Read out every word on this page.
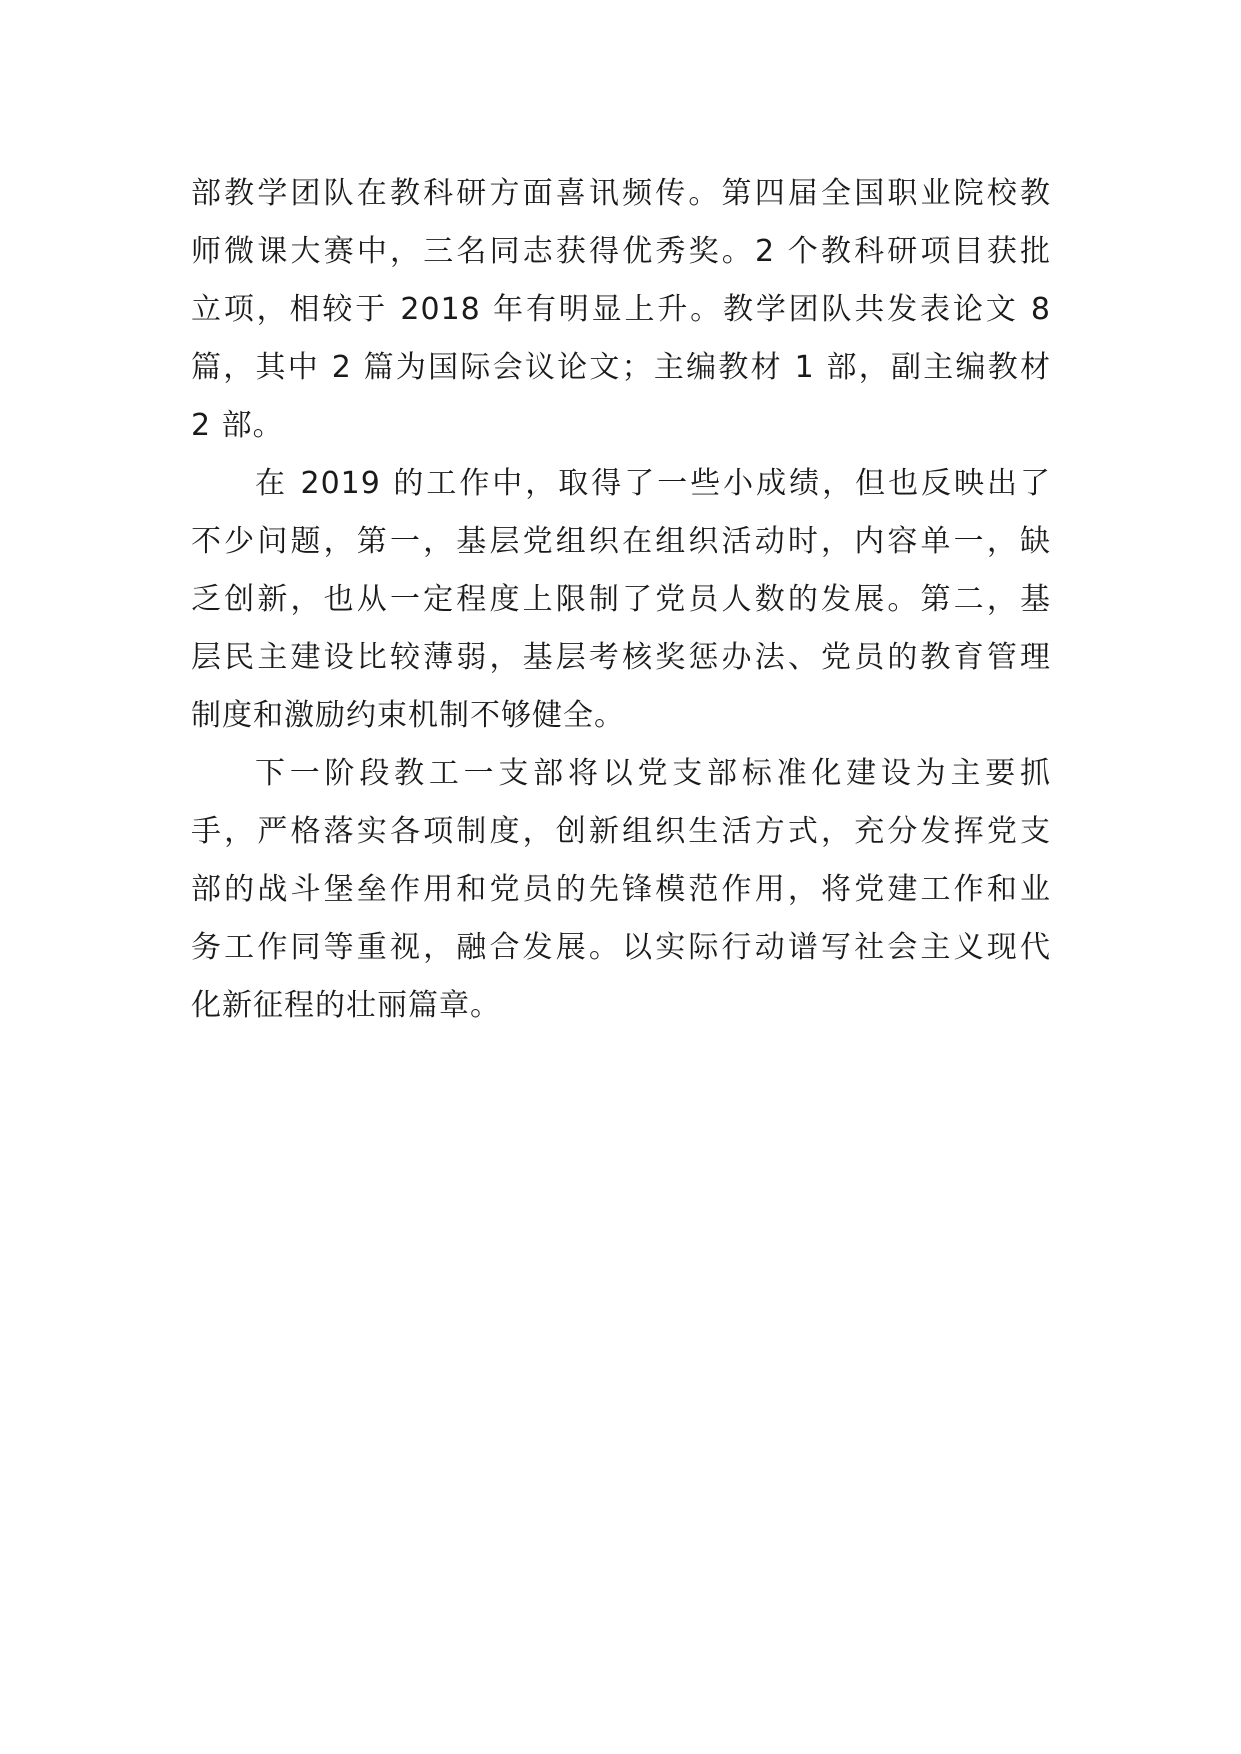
部教学团队在教科研方面喜讯频传。第四届全国职业院校教
师微课大赛中，三名同志获得优秀奖。2 个教科研项目获批
立项，相较于 2018 年有明显上升。教学团队共发表论文 8
篇，其中 2 篇为国际会议论文；主编教材 1 部，副主编教材
2 部。
在 2019 的工作中，取得了一些小成绩，但也反映出了
不少问题，第一，基层党组织在组织活动时，内容单一，缺
乏创新，也从一定程度上限制了党员人数的发展。第二，基
层民主建设比较薄弱，基层考核奖惩办法、党员的教育管理
制度和激励约束机制不够健全。
下一阶段教工一支部将以党支部标准化建设为主要抓
手，严格落实各项制度，创新组织生活方式，充分发挥党支
部的战斗堡垒作用和党员的先锋模范作用，将党建工作和业
务工作同等重视，融合发展。以实际行动谱写社会主义现代
化新征程的壮丽篇章。
